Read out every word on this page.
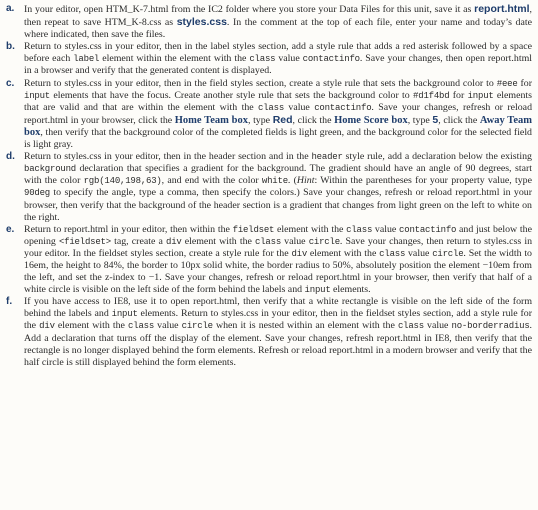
a. In your editor, open HTM_K-7.html from the IC2 folder where you store your Data Files for this unit, save it as report.html, then repeat to save HTM_K-8.css as styles.css. In the comment at the top of each file, enter your name and today’s date where indicated, then save the files.
b. Return to styles.css in your editor, then in the label styles section, add a style rule that adds a red asterisk followed by a space before each label element within the element with the class value contactinfo. Save your changes, then open report.html in a browser and verify that the generated content is displayed.
c. Return to styles.css in your editor, then in the field styles section, create a style rule that sets the background color to #eee for input elements that have the focus. Create another style rule that sets the background color to #d1f4bd for input elements that are valid and that are within the element with the class value contactinfo. Save your changes, refresh or reload report.html in your browser, click the Home Team box, type Red, click the Home Score box, type 5, click the Away Team box, then verify that the background color of the completed fields is light green, and the background color for the selected field is light gray.
d. Return to styles.css in your editor, then in the header section and in the header style rule, add a declaration below the existing background declaration that specifies a gradient for the background. The gradient should have an angle of 90 degrees, start with the color rgb(140,198,63), and end with the color white. (Hint: Within the parentheses for your property value, type 90deg to specify the angle, type a comma, then specify the colors.) Save your changes, refresh or reload report.html in your browser, then verify that the background of the header section is a gradient that changes from light green on the left to white on the right.
e. Return to report.html in your editor, then within the fieldset element with the class value contactinfo and just below the opening <fieldset> tag, create a div element with the class value circle. Save your changes, then return to styles.css in your editor. In the fieldset styles section, create a style rule for the div element with the class value circle. Set the width to 16em, the height to 84%, the border to 10px solid white, the border radius to 50%, absolutely position the element −10em from the left, and set the z-index to −1. Save your changes, refresh or reload report.html in your browser, then verify that half of a white circle is visible on the left side of the form behind the labels and input elements.
f.	If you have access to IE8, use it to open report.html, then verify that a white rectangle is visible on the left side of the form behind the labels and input elements. Return to styles.css in your editor, then in the fieldset styles section, add a style rule for the div element with the class value circle when it is nested within an element with the class value no-borderradius. Add a declaration that turns off the display of the element. Save your changes, refresh report.html in IE8, then verify that the rectangle is no longer displayed behind the form elements. Refresh or reload report.html in a modern browser and verify that the half circle is still displayed behind the form elements.
